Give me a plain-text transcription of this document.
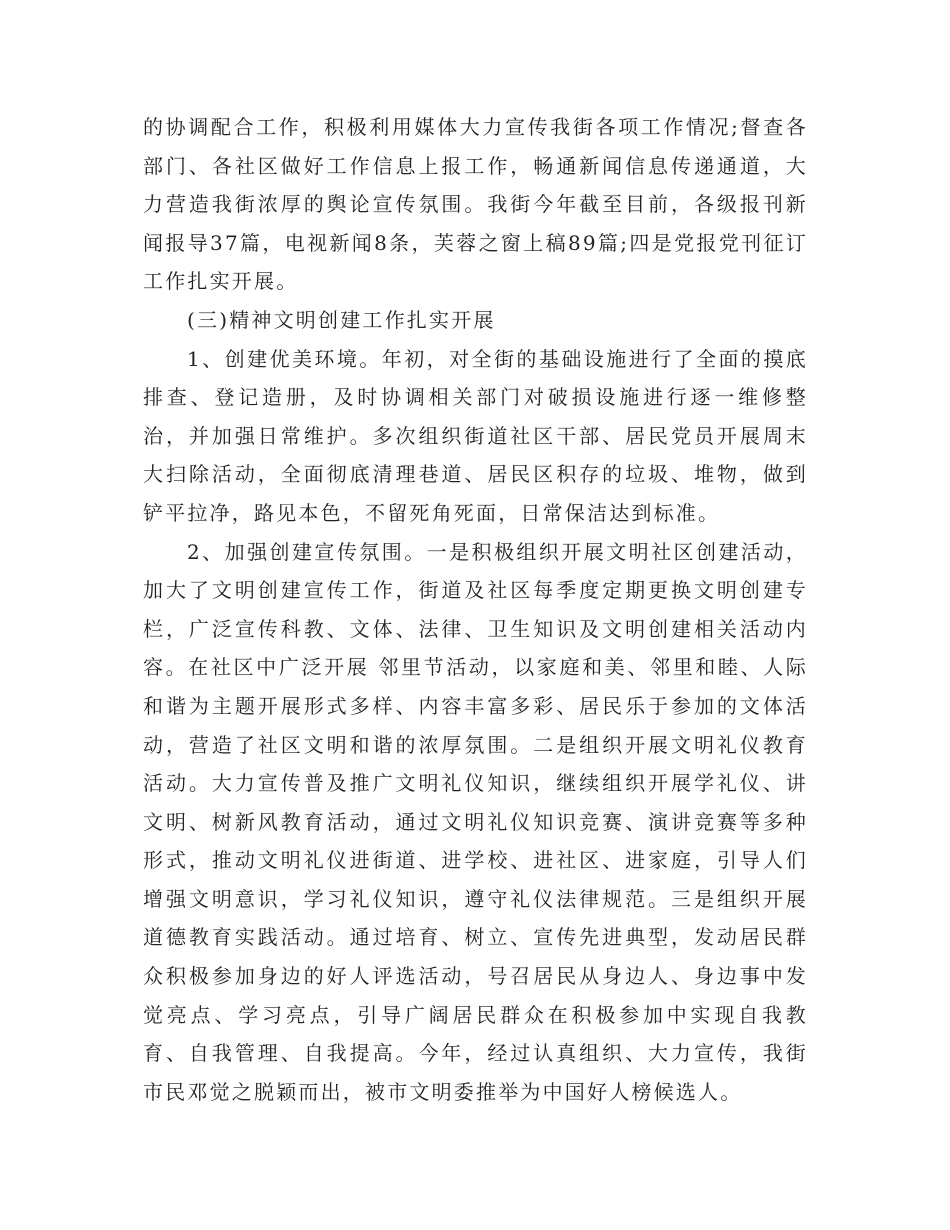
的协调配合工作，积极利用媒体大力宣传我街各项工作情况;督查各部门、各社区做好工作信息上报工作，畅通新闻信息传递通道，大力营造我街浓厚的舆论宣传氛围。我街今年截至目前，各级报刊新闻报导37篇，电视新闻8条，芙蓉之窗上稿89篇;四是党报党刊征订工作扎实开展。

(三)精神文明创建工作扎实开展

1、创建优美环境。年初，对全街的基础设施进行了全面的摸底排查、登记造册，及时协调相关部门对破损设施进行逐一维修整治，并加强日常维护。多次组织街道社区干部、居民党员开展周末大扫除活动，全面彻底清理巷道、居民区积存的垃圾、堆物，做到铲平拉净，路见本色，不留死角死面，日常保洁达到标准。

2、加强创建宣传氛围。一是积极组织开展文明社区创建活动，加大了文明创建宣传工作，街道及社区每季度定期更换文明创建专栏，广泛宣传科教、文体、法律、卫生知识及文明创建相关活动内容。在社区中广泛开展 邻里节活动，以家庭和美、邻里和睦、人际和谐为主题开展形式多样、内容丰富多彩、居民乐于参加的文体活动，营造了社区文明和谐的浓厚氛围。二是组织开展文明礼仪教育活动。大力宣传普及推广文明礼仪知识，继续组织开展学礼仪、讲文明、树新风教育活动，通过文明礼仪知识竞赛、演讲竞赛等多种形式，推动文明礼仪进街道、进学校、进社区、进家庭，引导人们增强文明意识，学习礼仪知识，遵守礼仪法律规范。三是组织开展道德教育实践活动。通过培育、树立、宣传先进典型，发动居民群众积极参加身边的好人评选活动，号召居民从身边人、身边事中发觉亮点、学习亮点，引导广阔居民群众在积极参加中实现自我教育、自我管理、自我提高。今年，经过认真组织、大力宣传，我街市民邓觉之脱颖而出，被市文明委推举为中国好人榜候选人。
